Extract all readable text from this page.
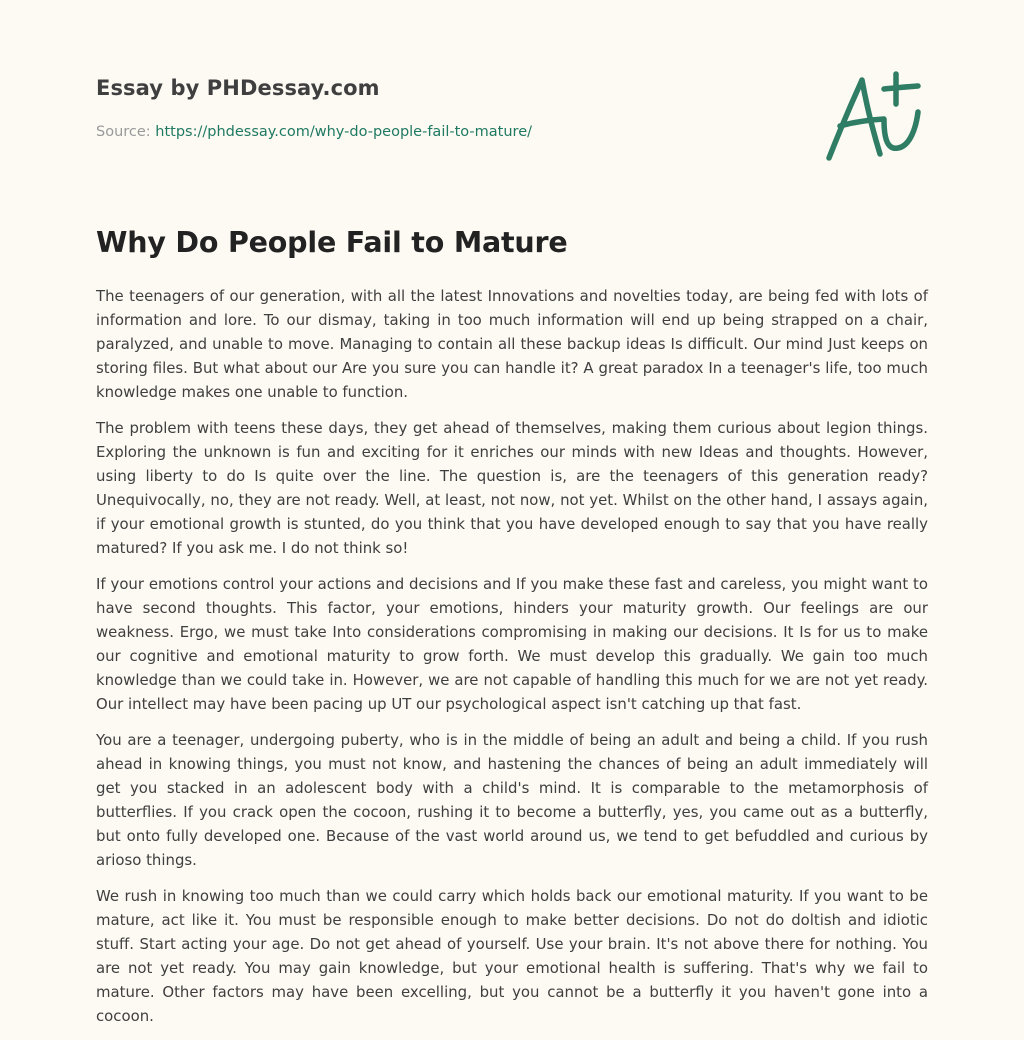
Essay by PHDessay.com

Source: https://phdessay.com/why-do-people-fail-to-mature/

Why Do People Fail to Mature

The teenagers of our generation, with all the latest Innovations and novelties today, are being fed with lots of information and lore. To our dismay, taking in too much information will end up being strapped on a chair, paralyzed, and unable to move. Managing to contain all these backup ideas Is difficult. Our mind Just keeps on storing files. But what about our Are you sure you can handle it? A great paradox In a teenager's life, too much knowledge makes one unable to function.

The problem with teens these days, they get ahead of themselves, making them curious about legion things. Exploring the unknown is fun and exciting for it enriches our minds with new Ideas and thoughts. However, using liberty to do Is quite over the line. The question is, are the teenagers of this generation ready? Unequivocally, no, they are not ready. Well, at least, not now, not yet. Whilst on the other hand, I assays again, if your emotional growth is stunted, do you think that you have developed enough to say that you have really matured? If you ask me. I do not think so!

If your emotions control your actions and decisions and If you make these fast and careless, you might want to have second thoughts. This factor, your emotions, hinders your maturity growth. Our feelings are our weakness. Ergo, we must take Into considerations compromising in making our decisions. It Is for us to make our cognitive and emotional maturity to grow forth. We must develop this gradually. We gain too much knowledge than we could take in. However, we are not capable of handling this much for we are not yet ready. Our intellect may have been pacing up UT our psychological aspect isn't catching up that fast.

You are a teenager, undergoing puberty, who is in the middle of being an adult and being a child. If you rush ahead in knowing things, you must not know, and hastening the chances of being an adult immediately will get you stacked in an adolescent body with a child's mind. It is comparable to the metamorphosis of butterflies. If you crack open the cocoon, rushing it to become a butterfly, yes, you came out as a butterfly, but onto fully developed one. Because of the vast world around us, we tend to get befuddled and curious by arioso things.

We rush in knowing too much than we could carry which holds back our emotional maturity. If you want to be mature, act like it. You must be responsible enough to make better decisions. Do not do doltish and idiotic stuff. Start acting your age. Do not get ahead of yourself. Use your brain. It's not above there for nothing. You are not yet ready. You may gain knowledge, but your emotional health is suffering. That's why we fail to mature. Other factors may have been excelling, but you cannot be a butterfly it you haven't gone into a cocoon.
